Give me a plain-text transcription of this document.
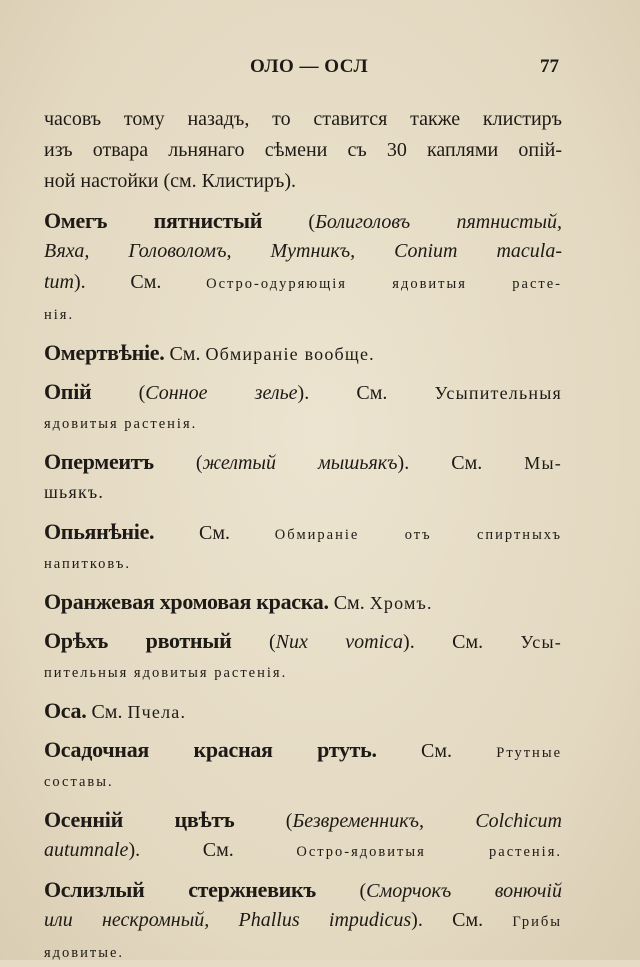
ОЛО — ОСЛ	77
часовъ тому назадъ, то ставится также клистиръ
изъ отвара льнянаго сѣмени съ 30 каплями опій-
ной настойки (см. Клистиръ).
Омегъ пятнистый (Болиголовъ пятнистый,
Вяха, Головоломъ, Мутникъ, Conium macula-
tum). См. Остро-одуряющія ядовитыя расте-
нія.
Омертвѣніе. См. Обмираніе вообще.
Опій (Сонное зелье). См. Усыпительныя
ядовитыя растенія.
Опермеитъ (желтый мышьякъ). См. Мы-
шьякъ.
Опьянѣніе. См. Обмираніе отъ спиртныхъ
напитковъ.
Оранжевая хромовая краска. См. Хромъ.
Орѣхъ рвотный (Nux vomica). См. Усы-
пительныя ядовитыя растенія.
Оса. См. Пчела.
Осадочная красная ртуть. См. Ртутные
составы.
Осенній цвѣтъ (Безвременникъ, Colchicum
autumnale). См. Остро-ядовитыя растенія.
Ослизлый стержневикъ (Сморчокъ вонючій
или нескромный, Phallus impudicus). См. Грибы
ядовитые.
